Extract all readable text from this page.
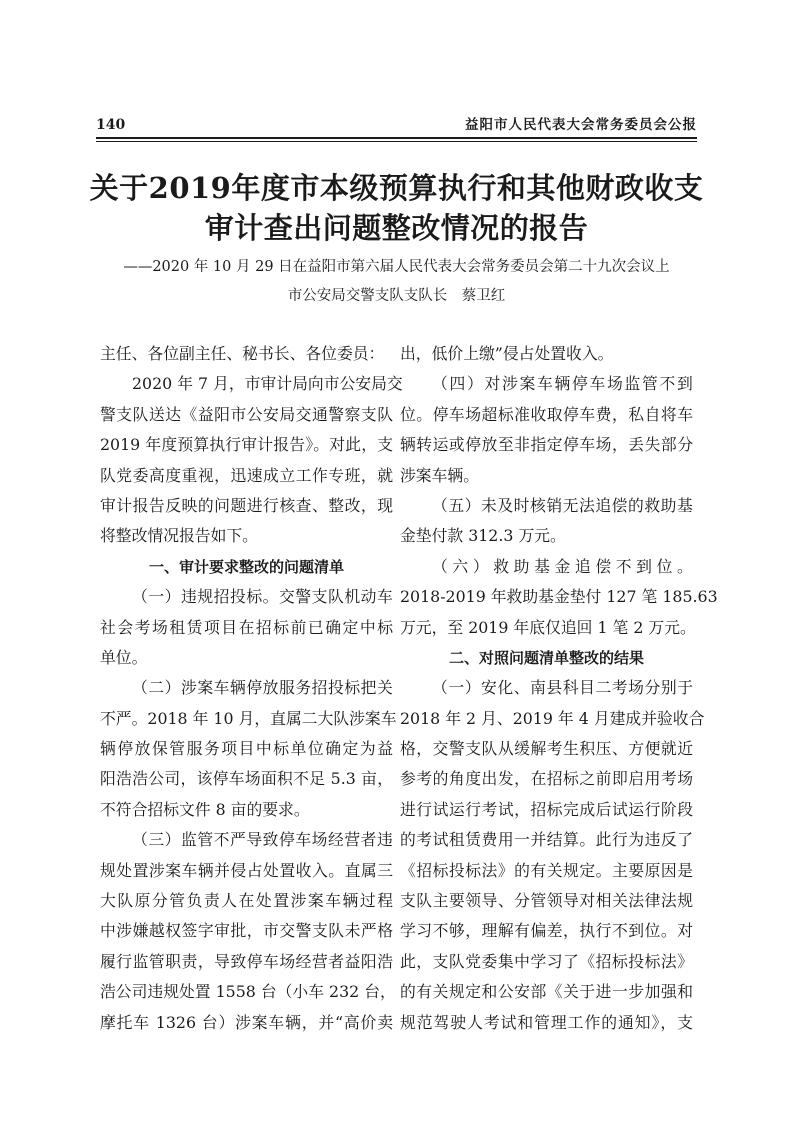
140	益阳市人民代表大会常务委员会公报
关于2019年度市本级预算执行和其他财政收支
审计查出问题整改情况的报告
——2020 年 10 月 29 日在益阳市第六届人民代表大会常务委员会第二十九次会议上
市公安局交警支队支队长　蔡卫红
主任、各位副主任、秘书长、各位委员：
2020 年 7 月，市审计局向市公安局交
警支队送达《益阳市公安局交通警察支队
2019 年度预算执行审计报告》。对此，支
队党委高度重视，迅速成立工作专班，就
审计报告反映的问题进行核查、整改，现
将整改情况报告如下。
一、审计要求整改的问题清单
（一）违规招投标。交警支队机动车
社会考场租赁项目在招标前已确定中标
单位。
（二）涉案车辆停放服务招投标把关
不严。2018 年 10 月，直属二大队涉案车
辆停放保管服务项目中标单位确定为益
阳浩浩公司，该停车场面积不足 5.3 亩，
不符合招标文件 8 亩的要求。
（三）监管不严导致停车场经营者违
规处置涉案车辆并侵占处置收入。直属三
大队原分管负责人在处置涉案车辆过程
中涉嫌越权签字审批，市交警支队未严格
履行监管职责，导致停车场经营者益阳浩
浩公司违规处置 1558 台（小车 232 台，
摩托车 1326 台）涉案车辆，并“高价卖
出，低价上缴”侵占处置收入。
（四）对涉案车辆停车场监管不到
位。停车场超标准收取停车费，私自将车
辆转运或停放至非指定停车场，丢失部分
涉案车辆。
（五）未及时核销无法追偿的救助基
金垫付款 312.3 万元。
（六）救助基金追偿不到位。
2018-2019 年救助基金垫付 127 笔 185.63
万元，至 2019 年底仅追回 1 笔 2 万元。
二、对照问题清单整改的结果
（一）安化、南县科目二考场分别于
2018 年 2 月、2019 年 4 月建成并验收合
格，交警支队从缓解考生积压、方便就近
参考的角度出发，在招标之前即启用考场
进行试运行考试，招标完成后试运行阶段
的考试租赁费用一并结算。此行为违反了
《招标投标法》的有关规定。主要原因是
支队主要领导、分管领导对相关法律法规
学习不够，理解有偏差，执行不到位。对
此，支队党委集中学习了《招标投标法》
的有关规定和公安部《关于进一步加强和
规范驾驶人考试和管理工作的通知》，支
